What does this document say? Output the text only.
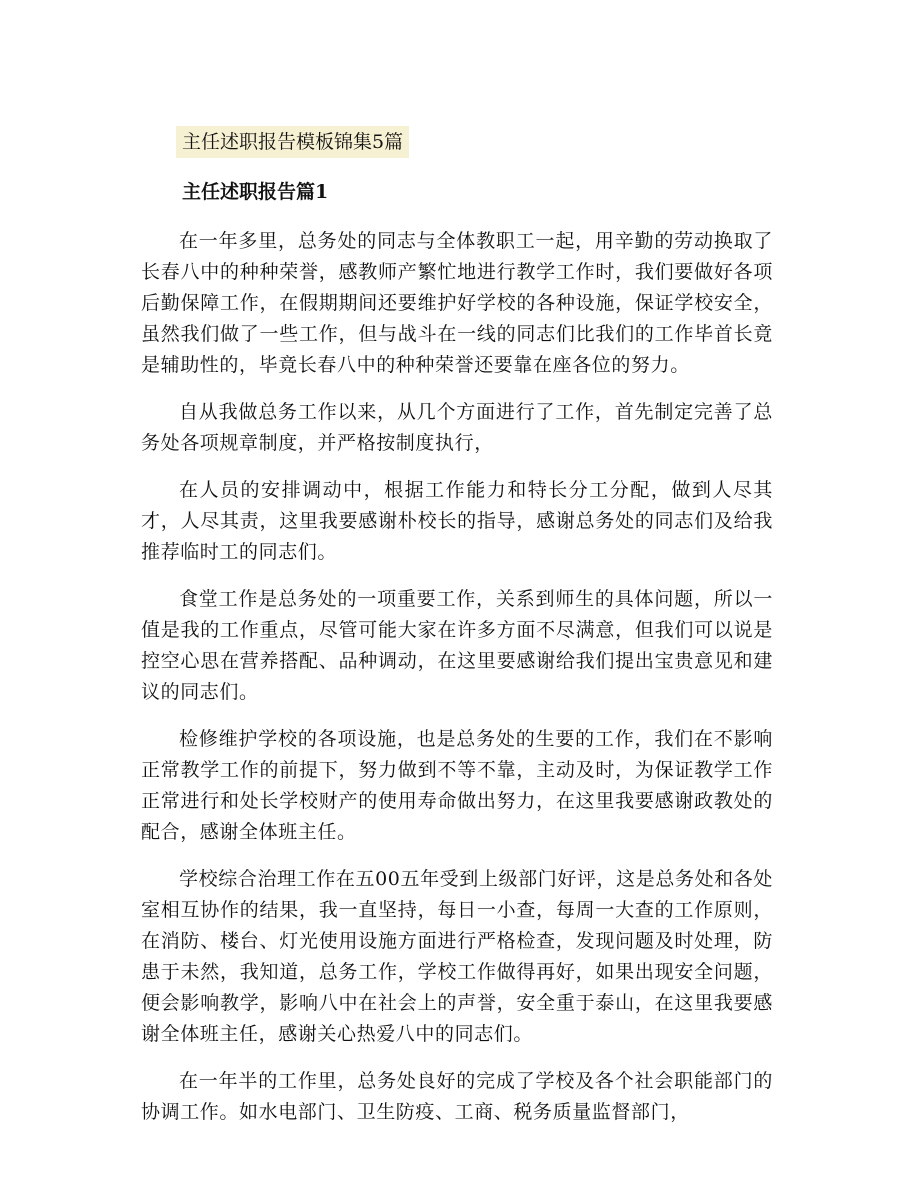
主任述职报告模板锦集5篇
主任述职报告篇1

在一年多里，总务处的同志与全体教职工一起，用辛勤的劳动换取了长春八中的种种荣誉，感教师产繁忙地进行教学工作时，我们要做好各项后勤保障工作，在假期期间还要维护好学校的各种设施，保证学校安全，虽然我们做了一些工作，但与战斗在一线的同志们比我们的工作毕首长竟是辅助性的，毕竟长春八中的种种荣誉还要靠在座各位的努力。

自从我做总务工作以来，从几个方面进行了工作，首先制定完善了总务处各项规章制度，并严格按制度执行，

在人员的安排调动中，根据工作能力和特长分工分配，做到人尽其才，人尽其责，这里我要感谢朴校长的指导，感谢总务处的同志们及给我推荐临时工的同志们。

食堂工作是总务处的一项重要工作，关系到师生的具体问题，所以一值是我的工作重点，尽管可能大家在许多方面不尽满意，但我们可以说是控空心思在营养搭配、品种调动，在这里要感谢给我们提出宝贵意见和建议的同志们。

检修维护学校的各项设施，也是总务处的生要的工作，我们在不影响正常教学工作的前提下，努力做到不等不靠，主动及时，为保证教学工作正常进行和处长学校财产的使用寿命做出努力，在这里我要感谢政教处的配合，感谢全体班主任。

学校综合治理工作在五00五年受到上级部门好评，这是总务处和各处室相互协作的结果，我一直坚持，每日一小查，每周一大查的工作原则，在消防、楼台、灯光使用设施方面进行严格检查，发现问题及时处理，防患于未然，我知道，总务工作，学校工作做得再好，如果出现安全问题，便会影响教学，影响八中在社会上的声誉，安全重于泰山，在这里我要感谢全体班主任，感谢关心热爱八中的同志们。

在一年半的工作里，总务处良好的完成了学校及各个社会职能部门的协调工作。如水电部门、卫生防疫、工商、税务质量监督部门，
